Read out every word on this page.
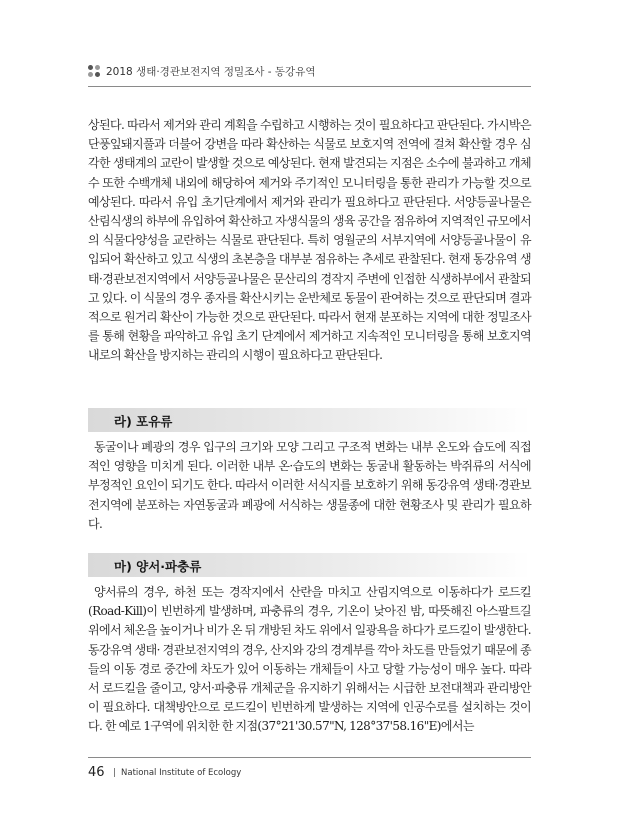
2018 생태·경관보전지역 정밀조사 - 동강유역

상된다. 따라서 제거와 관리 계획을 수립하고 시행하는 것이 필요하다고 판단된다. 가시박은 단풍잎돼지풀과 더불어 강변을 따라 확산하는 식물로 보호지역 전역에 걸쳐 확산할 경우 심각한 생태계의 교란이 발생할 것으로 예상된다. 현재 발견되는 지점은 소수에 불과하고 개체수 또한 수백개체 내외에 해당하여 제거와 주기적인 모니터링을 통한 관리가 가능할 것으로 예상된다. 따라서 유입 초기단계에서 제거와 관리가 필요하다고 판단된다. 서양등골나물은 산림식생의 하부에 유입하여 확산하고 자생식물의 생육 공간을 점유하여 지역적인 규모에서의 식물다양성을 교란하는 식물로 판단된다. 특히 영월군의 서부지역에 서양등골나물이 유입되어 확산하고 있고 식생의 초본층을 대부분 점유하는 추세로 관찰된다. 현재 동강유역 생태·경관보전지역에서 서양등골나물은 문산리의 경작지 주변에 인접한 식생하부에서 관찰되고 있다. 이 식물의 경우 종자를 확산시키는 운반체로 동물이 관여하는 것으로 판단되며 결과적으로 원거리 확산이 가능한 것으로 판단된다. 따라서 현재 분포하는 지역에 대한 정밀조사를 통해 현황을 파악하고 유입 초기 단계에서 제거하고 지속적인 모니터링을 통해 보호지역 내로의 확산을 방지하는 관리의 시행이 필요하다고 판단된다.

라) 포유류

동굴이나 폐광의 경우 입구의 크기와 모양 그리고 구조적 변화는 내부 온도와 습도에 직접적인 영향을 미치게 된다. 이러한 내부 온·습도의 변화는 동굴내 활동하는 박쥐류의 서식에 부정적인 요인이 되기도 한다. 따라서 이러한 서식지를 보호하기 위해 동강유역 생태·경관보전지역에 분포하는 자연동굴과 폐광에 서식하는 생물종에 대한 현황조사 및 관리가 필요하다.

마) 양서·파충류

양서류의 경우, 하천 또는 경작지에서 산란을 마치고 산림지역으로 이동하다가 로드킬(Road-Kill)이 빈번하게 발생하며, 파충류의 경우, 기온이 낮아진 밤, 따뜻해진 아스팔트길 위에서 체온을 높이거나 비가 온 뒤 개방된 차도 위에서 일광욕을 하다가 로드킬이 발생한다. 동강유역 생태· 경관보전지역의 경우, 산지와 강의 경계부를 깍아 차도를 만들었기 때문에 종들의 이동 경로 중간에 차도가 있어 이동하는 개체들이 사고 당할 가능성이 매우 높다. 따라서 로드킬을 줄이고, 양서·파충류 개체군을 유지하기 위해서는 시급한 보전대책과 관리방안이 필요하다. 대책방안으로 로드킬이 빈번하게 발생하는 지역에 인공수로를 설치하는 것이다. 한 예로 1구역에 위치한 한 지점(37°21'30.57"N, 128°37'58.16"E)에서는

46 | National Institute of Ecology
